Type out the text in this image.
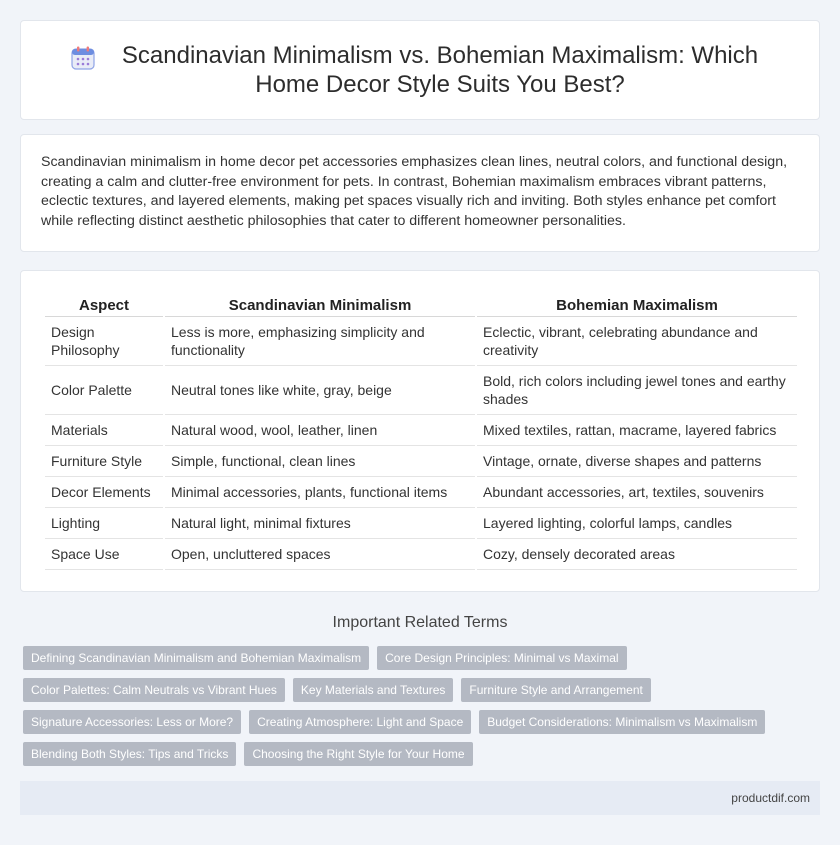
Scandinavian Minimalism vs. Bohemian Maximalism: Which Home Decor Style Suits You Best?

Scandinavian minimalism in home decor pet accessories emphasizes clean lines, neutral colors, and functional design, creating a calm and clutter-free environment for pets. In contrast, Bohemian maximalism embraces vibrant patterns, eclectic textures, and layered elements, making pet spaces visually rich and inviting. Both styles enhance pet comfort while reflecting distinct aesthetic philosophies that cater to different homeowner personalities.

Aspect	Scandinavian Minimalism	Bohemian Maximalism
Design Philosophy	Less is more, emphasizing simplicity and functionality	Eclectic, vibrant, celebrating abundance and creativity
Color Palette	Neutral tones like white, gray, beige	Bold, rich colors including jewel tones and earthy shades
Materials	Natural wood, wool, leather, linen	Mixed textiles, rattan, macrame, layered fabrics
Furniture Style	Simple, functional, clean lines	Vintage, ornate, diverse shapes and patterns
Decor Elements	Minimal accessories, plants, functional items	Abundant accessories, art, textiles, souvenirs
Lighting	Natural light, minimal fixtures	Layered lighting, colorful lamps, candles
Space Use	Open, uncluttered spaces	Cozy, densely decorated areas
Important Related Terms
Defining Scandinavian Minimalism and Bohemian Maximalism	Core Design Principles: Minimal vs Maximal
Color Palettes: Calm Neutrals vs Vibrant Hues	Key Materials and Textures	Furniture Style and Arrangement
Signature Accessories: Less or More?	Creating Atmosphere: Light and Space	Budget Considerations: Minimalism vs Maximalism
Blending Both Styles: Tips and Tricks	Choosing the Right Style for Your Home
productdif.com
